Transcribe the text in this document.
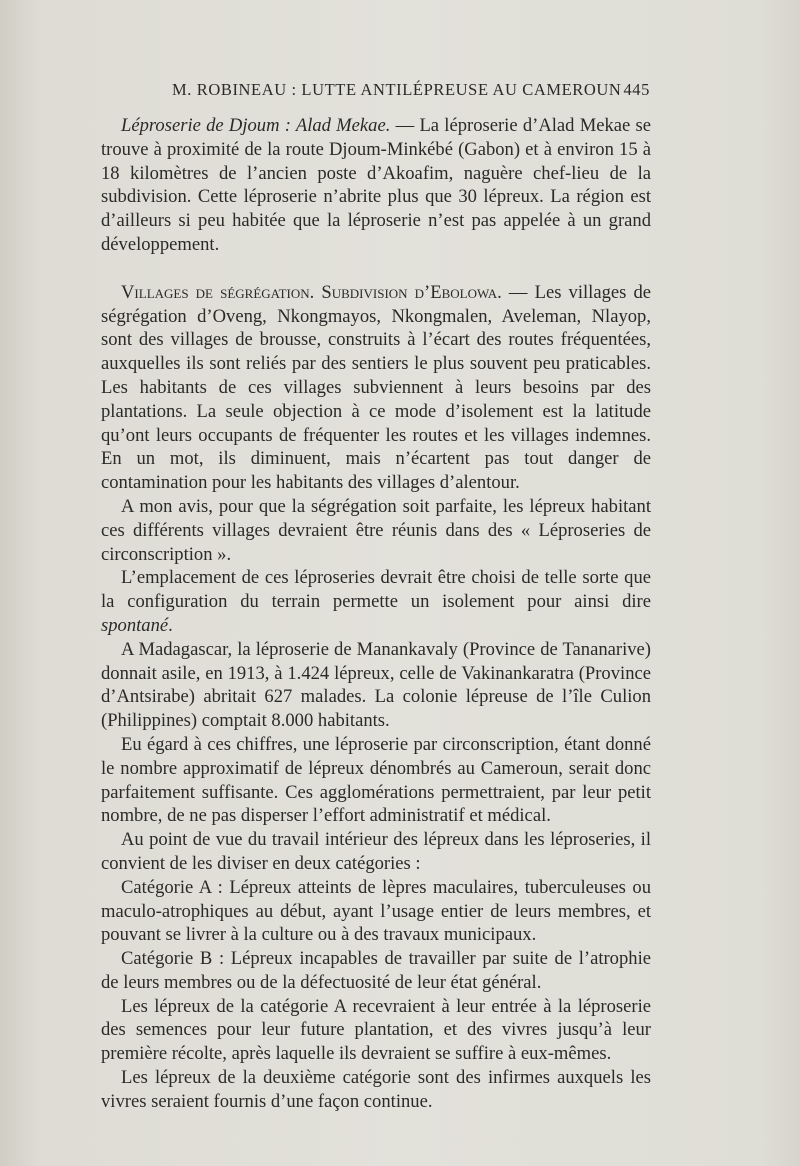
M. ROBINEAU : LUTTE ANTILÉPREUSE AU CAMEROUN 445

Léproserie de Djoum : Alad Mekae. — La léproserie d’Alad Mekae se trouve à proximité de la route Djoum-Minkébé (Gabon) et à environ 15 à 18 kilomètres de l’ancien poste d’Akoafim, naguère chef-lieu de la subdivision. Cette léproserie n’abrite plus que 30 lépreux. La région est d’ailleurs si peu habitée que la léproserie n’est pas appelée à un grand développement.

Villages de ségrégation. Subdivision d’Ebolowa. — Les villages de ségrégation d’Oveng, Nkongmayos, Nkongmalen, Aveleman, Nlayop, sont des villages de brousse, construits à l’écart des routes fréquentées, auxquelles ils sont reliés par des sentiers le plus souvent peu praticables. Les habitants de ces villages subviennent à leurs besoins par des plantations. La seule objection à ce mode d’isolement est la latitude qu’ont leurs occupants de fréquenter les routes et les villages indemnes. En un mot, ils diminuent, mais n’écartent pas tout danger de contamination pour les habitants des villages d’alentour.

A mon avis, pour que la ségrégation soit parfaite, les lépreux habitant ces différents villages devraient être réunis dans des « Léproseries de circonscription ».

L’emplacement de ces léproseries devrait être choisi de telle sorte que la configuration du terrain permette un isolement pour ainsi dire spontané.

A Madagascar, la léproserie de Manankavaly (Province de Tananarive) donnait asile, en 1913, à 1.424 lépreux, celle de Vakinankaratra (Province d’Antsirabe) abritait 627 malades. La colonie lépreuse de l’île Culion (Philippines) comptait 8.000 habitants.

Eu égard à ces chiffres, une léproserie par circonscription, étant donné le nombre approximatif de lépreux dénombrés au Cameroun, serait donc parfaitement suffisante. Ces agglomérations permettraient, par leur petit nombre, de ne pas disperser l’effort administratif et médical.

Au point de vue du travail intérieur des lépreux dans les léproseries, il convient de les diviser en deux catégories :

Catégorie A : Lépreux atteints de lèpres maculaires, tuberculeuses ou maculo-atrophiques au début, ayant l’usage entier de leurs membres, et pouvant se livrer à la culture ou à des travaux municipaux.

Catégorie B : Lépreux incapables de travailler par suite de l’atrophie de leurs membres ou de la défectuosité de leur état général.

Les lépreux de la catégorie A recevraient à leur entrée à la léproserie des semences pour leur future plantation, et des vivres jusqu’à leur première récolte, après laquelle ils devraient se suffire à eux-mêmes.

Les lépreux de la deuxième catégorie sont des infirmes auxquels les vivres seraient fournis d’une façon continue.
